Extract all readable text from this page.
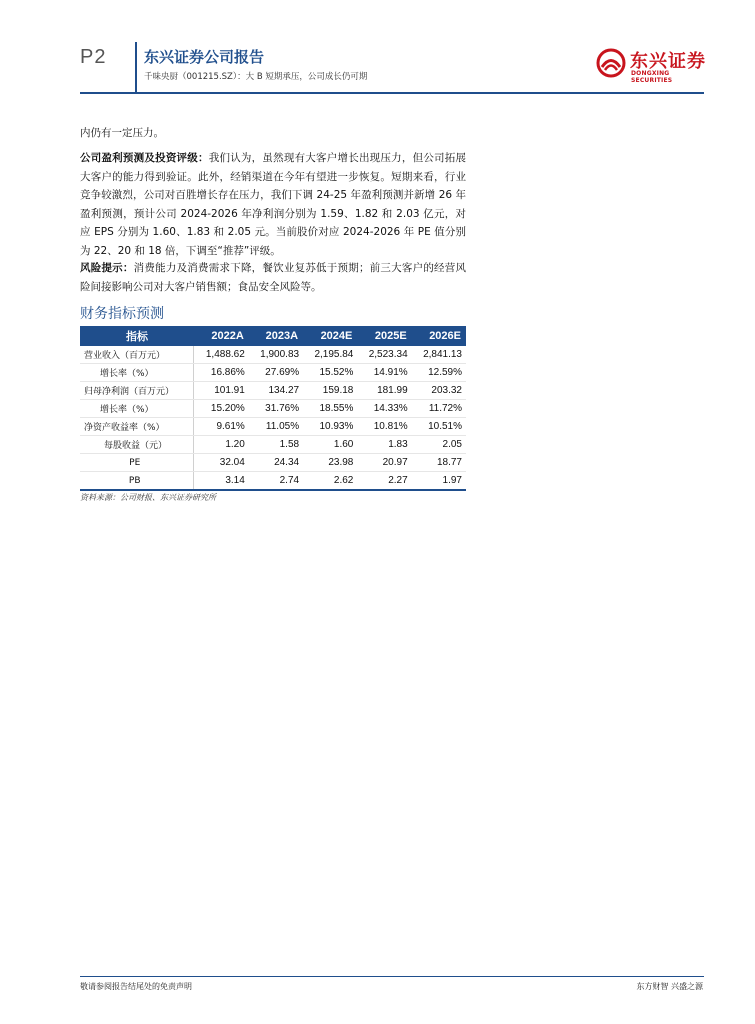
P2	东兴证券公司报告
千味央厨（001215.SZ）：大 B 短期承压，公司成长仍可期
东兴证券
DONGXING SECURITIES
内仍有一定压力。
公司盈利预测及投资评级：我们认为，虽然现有大客户增长出现压力，但公司拓展大客户的能力得到验证。此外，经销渠道在今年有望进一步恢复。短期来看，行业竞争较激烈，公司对百胜增长存在压力，我们下调 24-25 年盈利预测并新增 26 年盈利预测，预计公司 2024-2026 年净利润分别为 1.59、1.82 和 2.03 亿元，对应 EPS 分别为 1.60、1.83 和 2.05 元。当前股价对应 2024-2026 年 PE 值分别为 22、20 和 18 倍，下调至“推荐”评级。
风险提示：消费能力及消费需求下降，餐饮业复苏低于预期；前三大客户的经营风险间接影响公司对大客户销售额；食品安全风险等。
财务指标预测
指标	2022A	2023A	2024E	2025E	2026E
营业收入（百万元）	1,488.62	1,900.83	2,195.84	2,523.34	2,841.13
增长率（%）	16.86%	27.69%	15.52%	14.91%	12.59%
归母净利润（百万元）	101.91	134.27	159.18	181.99	203.32
增长率（%）	15.20%	31.76%	18.55%	14.33%	11.72%
净资产收益率（%）	9.61%	11.05%	10.93%	10.81%	10.51%
每股收益（元）	1.20	1.58	1.60	1.83	2.05
PE	32.04	24.34	23.98	20.97	18.77
PB	3.14	2.74	2.62	2.27	1.97
资料来源：公司财报、东兴证券研究所
敬请参阅报告结尾处的免责声明	东方财智 兴盛之源
